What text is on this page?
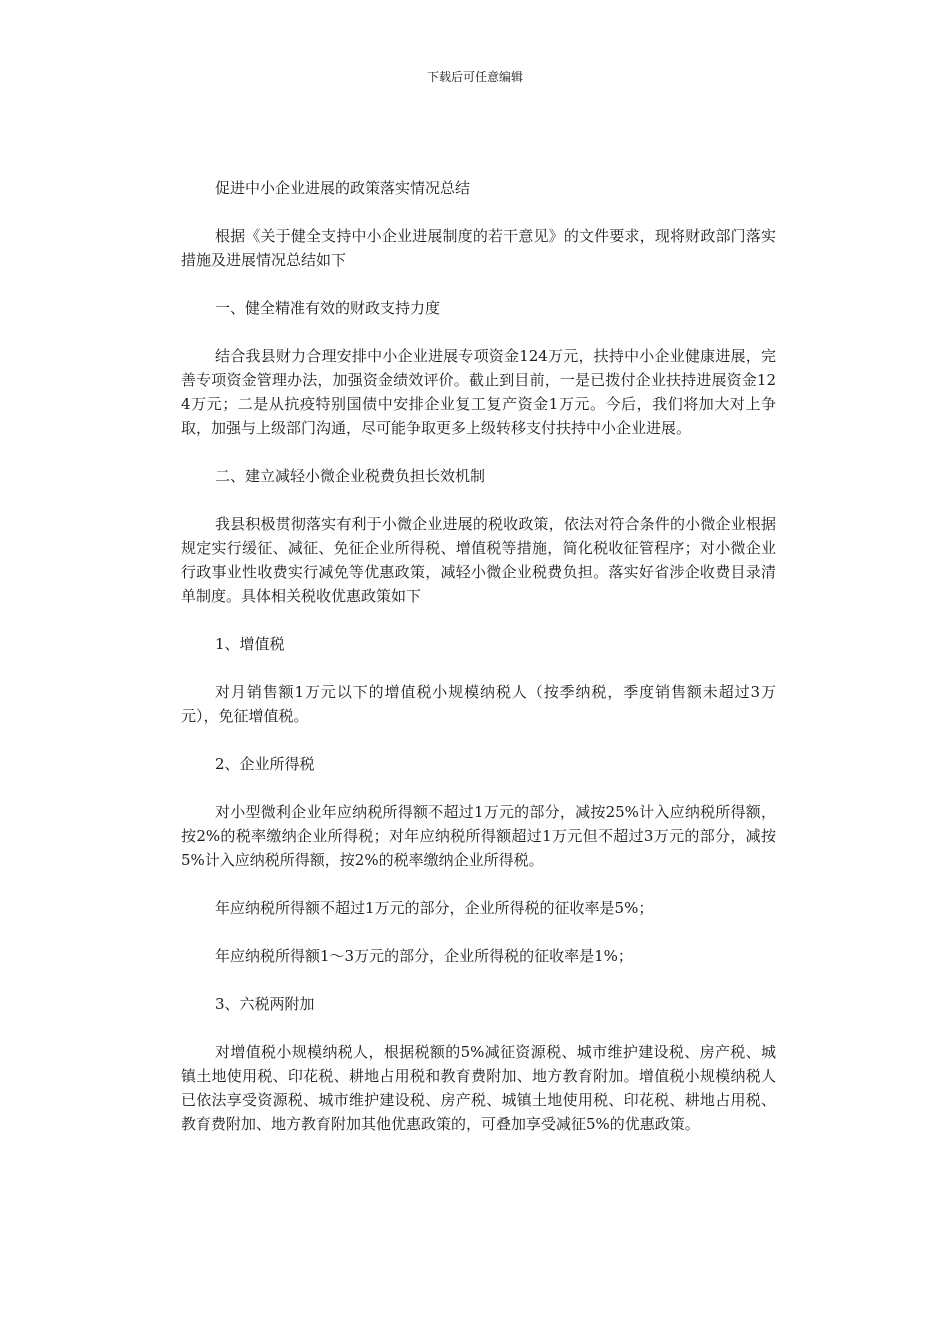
下载后可任意编辑

促进中小企业进展的政策落实情况总结

根据《关于健全支持中小企业进展制度的若干意见》的文件要求，现将财政部门落实措施及进展情况总结如下

一、健全精准有效的财政支持力度

结合我县财力合理安排中小企业进展专项资金124万元，扶持中小企业健康进展，完善专项资金管理办法，加强资金绩效评价。截止到目前，一是已拨付企业扶持进展资金124万元；二是从抗疫特别国债中安排企业复工复产资金1万元。今后，我们将加大对上争取，加强与上级部门沟通，尽可能争取更多上级转移支付扶持中小企业进展。

二、建立减轻小微企业税费负担长效机制

我县积极贯彻落实有利于小微企业进展的税收政策，依法对符合条件的小微企业根据规定实行缓征、减征、免征企业所得税、增值税等措施，简化税收征管程序；对小微企业行政事业性收费实行减免等优惠政策，减轻小微企业税费负担。落实好省涉企收费目录清单制度。具体相关税收优惠政策如下

1、增值税

对月销售额1万元以下的增值税小规模纳税人（按季纳税，季度销售额未超过3万元），免征增值税。

2、企业所得税

对小型微利企业年应纳税所得额不超过1万元的部分，减按25%计入应纳税所得额，按2%的税率缴纳企业所得税；对年应纳税所得额超过1万元但不超过3万元的部分，减按5%计入应纳税所得额，按2%的税率缴纳企业所得税。

年应纳税所得额不超过1万元的部分，企业所得税的征收率是5%；

年应纳税所得额1～3万元的部分，企业所得税的征收率是1%；

3、六税两附加

对增值税小规模纳税人，根据税额的5%减征资源税、城市维护建设税、房产税、城镇土地使用税、印花税、耕地占用税和教育费附加、地方教育附加。增值税小规模纳税人已依法享受资源税、城市维护建设税、房产税、城镇土地使用税、印花税、耕地占用税、教育费附加、地方教育附加其他优惠政策的，可叠加享受减征5%的优惠政策。
